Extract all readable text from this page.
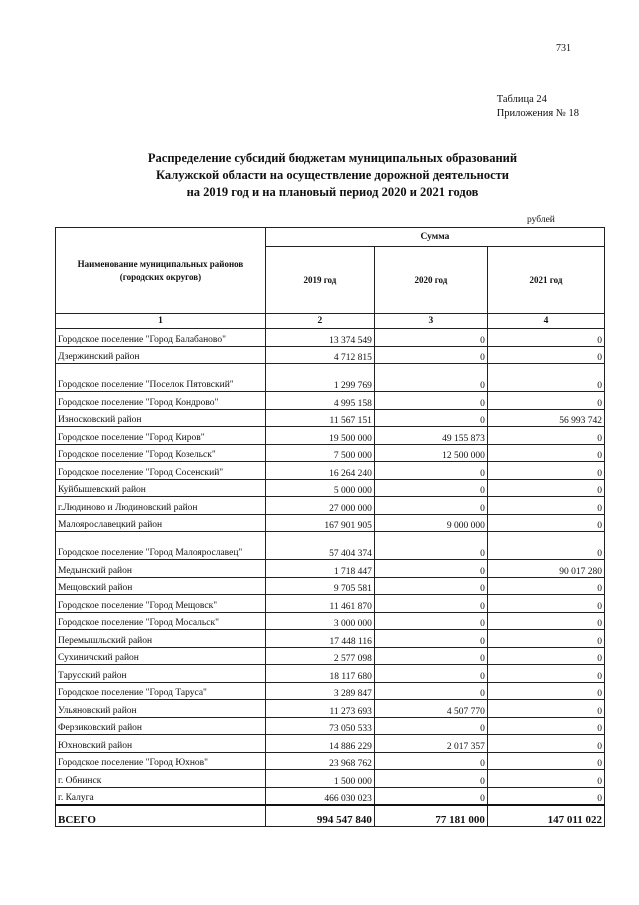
731
Таблица 24
Приложения № 18
Распределение субсидий бюджетам муниципальных образований
Калужской области на осуществление дорожной деятельности
на 2019 год и на плановый период 2020 и 2021 годов
рублей
Наименование муниципальных районов (городских округов)	Сумма		
	2019 год	2020 год	2021 год
1	2	3	4
Городское поселение "Город Балабаново"	13 374 549	0	0
Дзержинский район	4 712 815	0	0
Городское поселение "Поселок Пятовский"	1 299 769	0	0
Городское поселение "Город Кондрово"	4 995 158	0	0
Износковский район	11 567 151	0	56 993 742
Городское поселение "Город Киров"	19 500 000	49 155 873	0
Городское поселение "Город Козельск"	7 500 000	12 500 000	0
Городское поселение "Город Сосенский"	16 264 240	0	0
Куйбышевский район	5 000 000	0	0
г.Людиново и Людиновский район	27 000 000	0	0
Малоярославецкий район	167 901 905	9 000 000	0
Городское поселение "Город Малоярославец"	57 404 374	0	0
Медынский район	1 718 447	0	90 017 280
Мещовский район	9 705 581	0	0
Городское поселение "Город Мещовск"	11 461 870	0	0
Городское поселение "Город Мосальск"	3 000 000	0	0
Перемышльский район	17 448 116	0	0
Сухиничский район	2 577 098	0	0
Тарусский район	18 117 680	0	0
Городское поселение "Город Таруса"	3 289 847	0	0
Ульяновский район	11 273 693	4 507 770	0
Ферзиковский район	73 050 533	0	0
Юхновский район	14 886 229	2 017 357	0
Городское поселение "Город Юхнов"	23 968 762	0	0
г. Обнинск	1 500 000	0	0
г. Калуга	466 030 023	0	0
ВСЕГО	994 547 840	77 181 000	147 011 022
